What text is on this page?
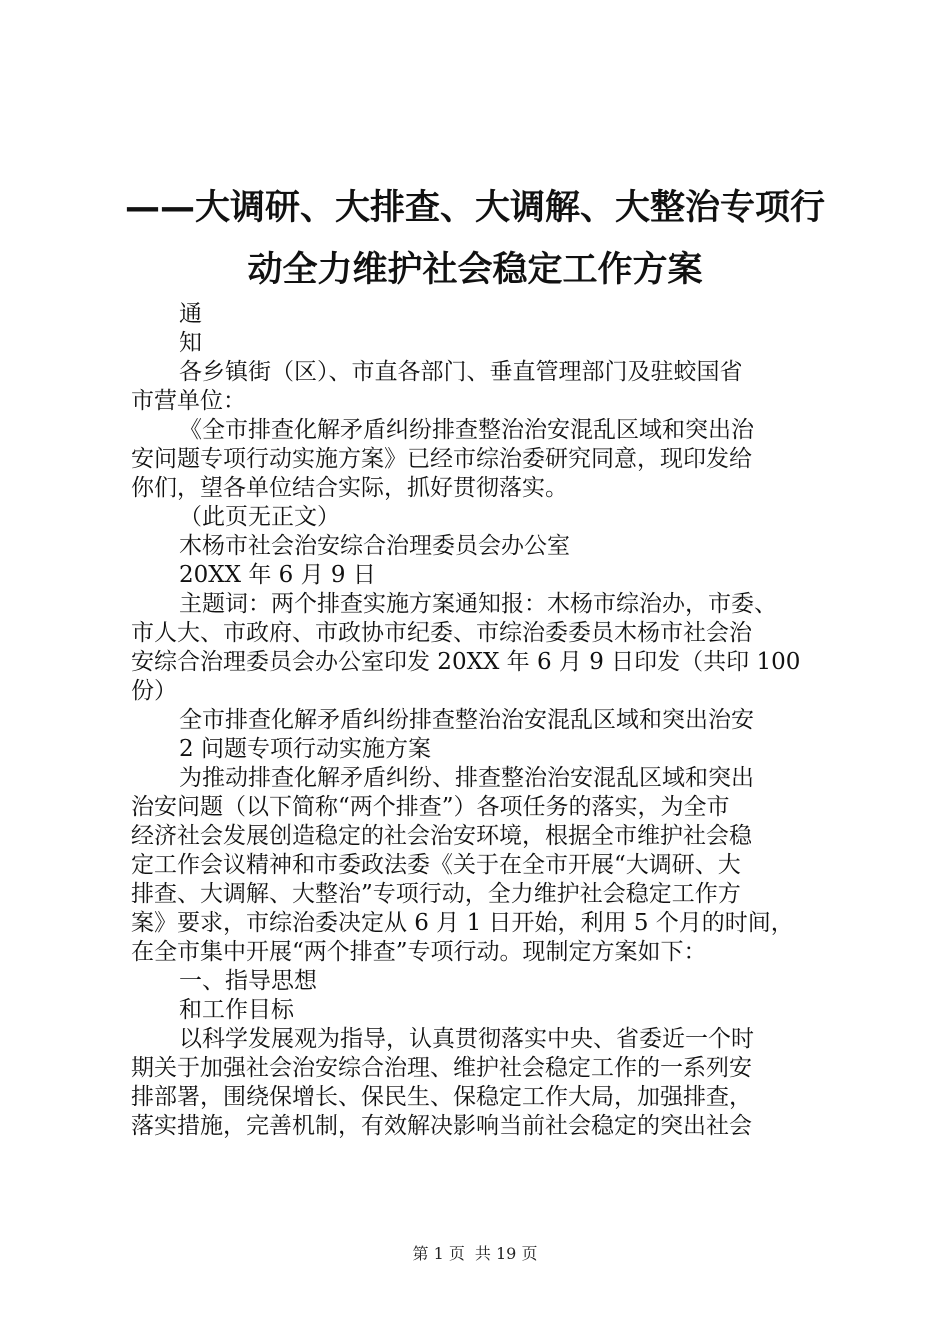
——大调研、大排查、大调解、大整治专项行
动全力维护社会稳定工作方案
通
知
各乡镇街（区）、市直各部门、垂直管理部门及驻蛟国省
市营单位：
《全市排查化解矛盾纠纷排查整治治安混乱区域和突出治
安问题专项行动实施方案》已经市综治委研究同意，现印发给
你们，望各单位结合实际，抓好贯彻落实。
（此页无正文）
木杨市社会治安综合治理委员会办公室
20XX 年 6 月 9 日
主题词：两个排查实施方案通知报：木杨市综治办，市委、
市人大、市政府、市政协市纪委、市综治委委员木杨市社会治
安综合治理委员会办公室印发 20XX 年 6 月 9 日印发（共印 100
份）
全市排查化解矛盾纠纷排查整治治安混乱区域和突出治安
2 问题专项行动实施方案
为推动排查化解矛盾纠纷、排查整治治安混乱区域和突出
治安问题（以下简称“两个排查”）各项任务的落实，为全市
经济社会发展创造稳定的社会治安环境，根据全市维护社会稳
定工作会议精神和市委政法委《关于在全市开展“大调研、大
排查、大调解、大整治”专项行动，全力维护社会稳定工作方
案》要求，市综治委决定从 6 月 1 日开始，利用 5 个月的时间，
在全市集中开展“两个排查”专项行动。现制定方案如下：
一、指导思想
和工作目标
以科学发展观为指导，认真贯彻落实中央、省委近一个时
期关于加强社会治安综合治理、维护社会稳定工作的一系列安
排部署，围绕保增长、保民生、保稳定工作大局，加强排查，
落实措施，完善机制，有效解决影响当前社会稳定的突出社会
第 1 页 共 19 页
